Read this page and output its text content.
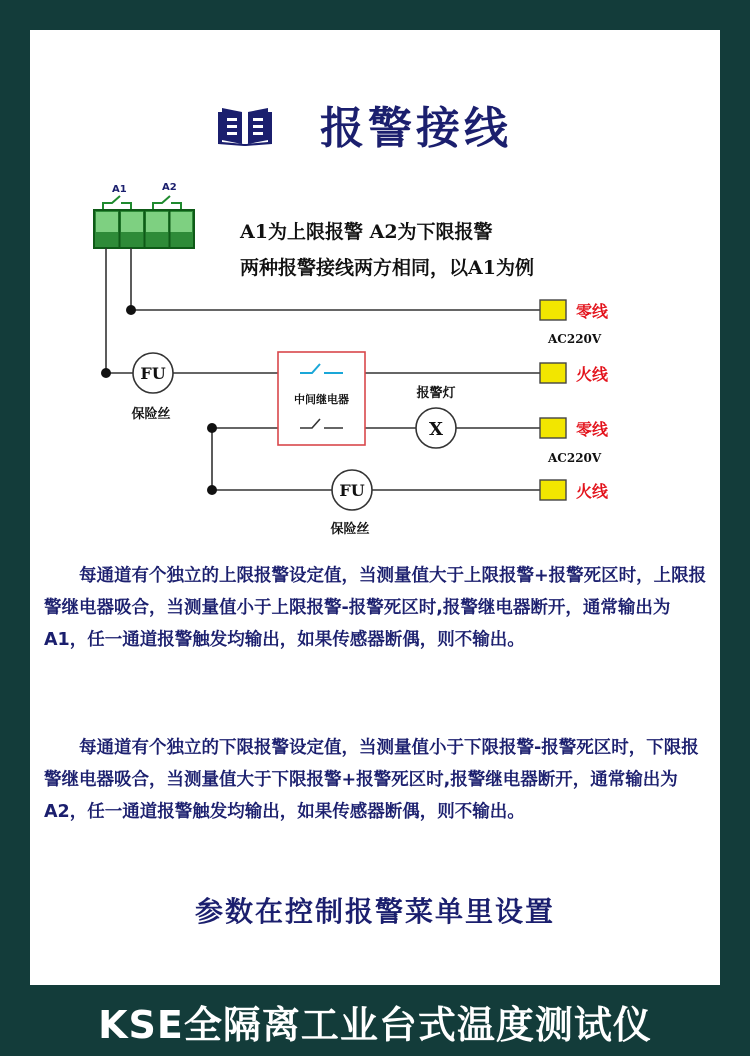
报警接线
A1	A2
A1为上限报警 A2为下限报警
两种报警接线两方相同，以A1为例
FU
保险丝
FU
保险丝
中间继电器	报警灯
X
零线
AC220V
火线
零线
AC220V
火线

每通道有个独立的上限报警设定值，当测量值大于上限报警+报警死区时，上限报警继电器吸合，当测量值小于上限报警-报警死区时,报警继电器断开，通常输出为A1，任一通道报警触发均输出，如果传感器断偶，则不输出。

每通道有个独立的下限报警设定值，当测量值小于下限报警-报警死区时，下限报警继电器吸合，当测量值大于下限报警+报警死区时,报警继电器断开，通常输出为A2，任一通道报警触发均输出，如果传感器断偶，则不输出。

参数在控制报警菜单里设置
KSE全隔离工业台式温度测试仪
